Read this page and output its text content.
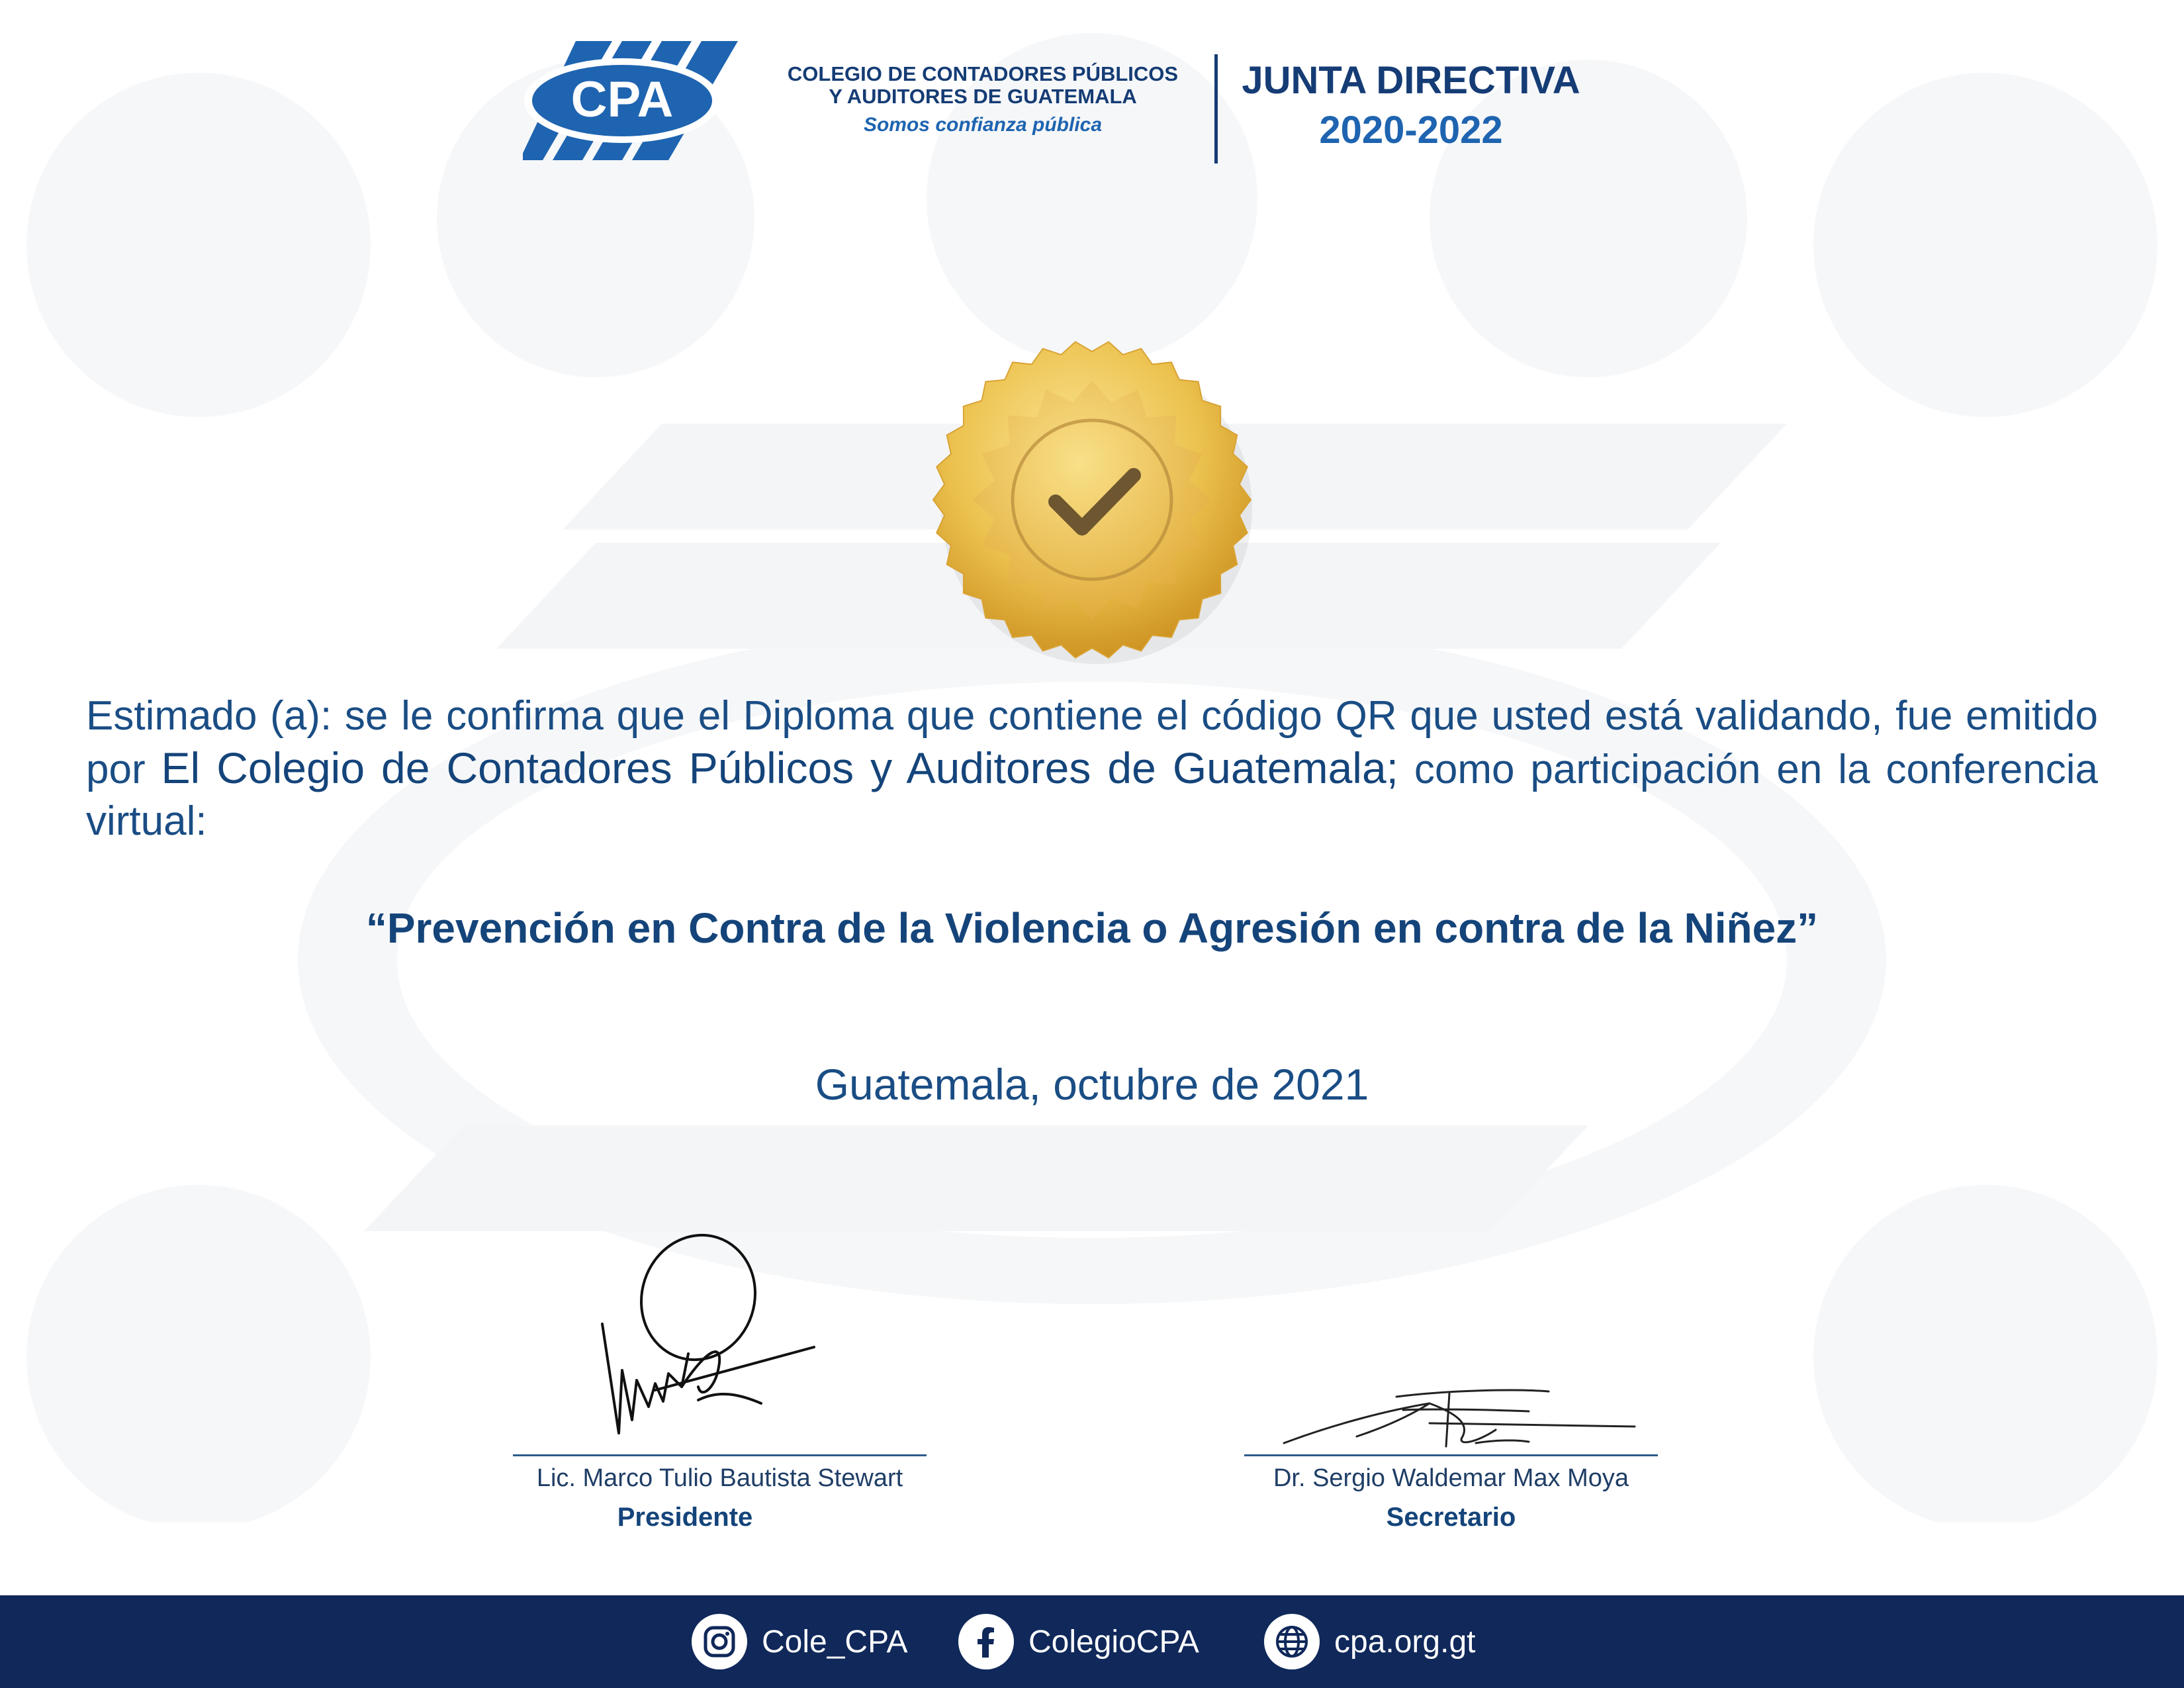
CPA	COLEGIO DE CONTADORES PÚBLICOS
Y AUDITORES DE GUATEMALA
Somos confianza pública
JUNTA DIRECTIVA
2020-2022
Estimado (a): se le confirma que el Diploma que contiene el código QR que usted está validando, fue emitido por El Colegio de Contadores Públicos y Auditores de Guatemala; como participación en la conferencia virtual:
“Prevención en Contra de la Violencia o Agresión en contra de la Niñez”
Guatemala, octubre de 2021
Lic. Marco Tulio Bautista Stewart
Presidente
Dr. Sergio Waldemar Max Moya
Secretario
Cole_CPA	ColegioCPA	cpa.org.gt
